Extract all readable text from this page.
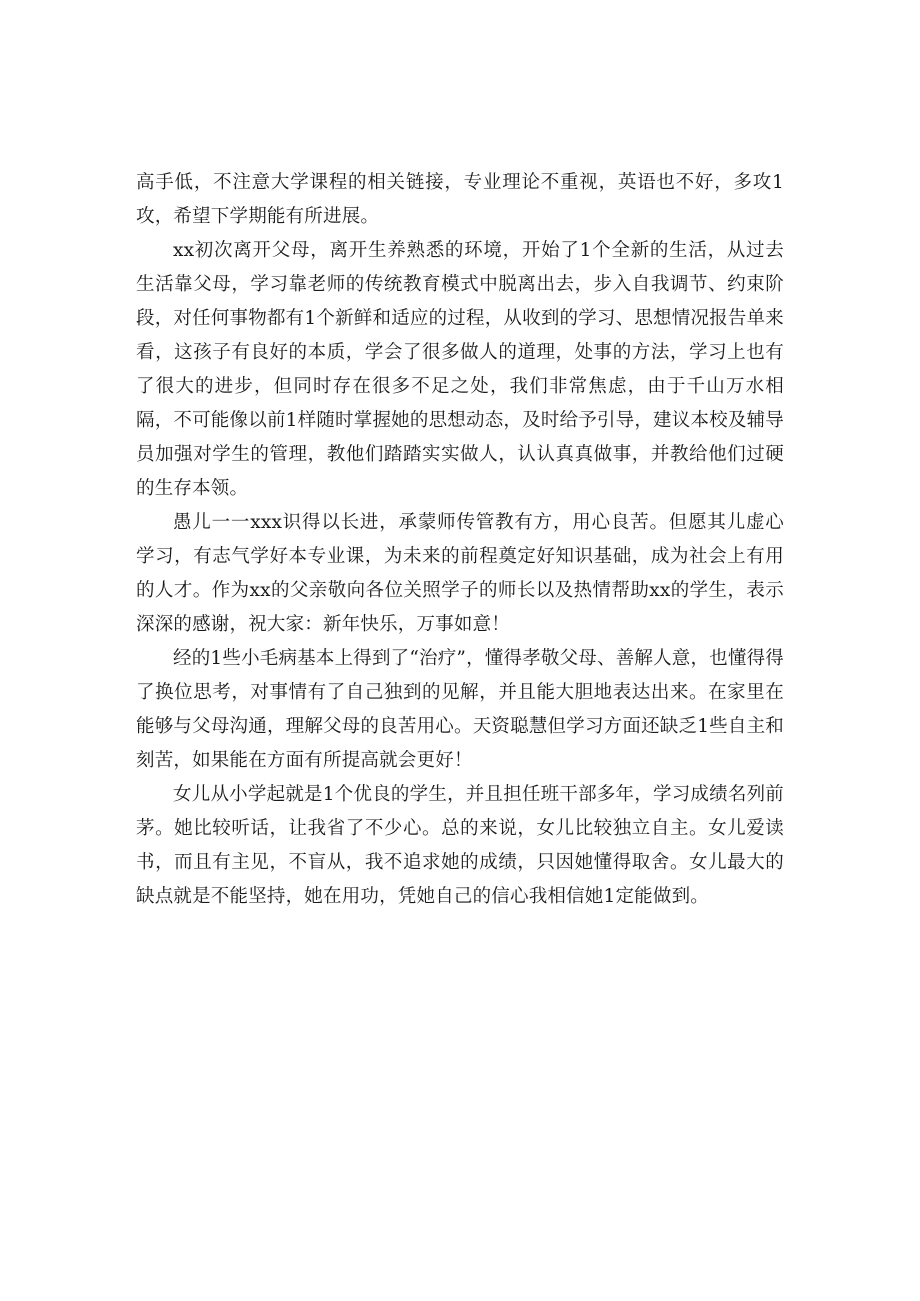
高手低，不注意大学课程的相关链接，专业理论不重视，英语也不好，多攻1攻，希望下学期能有所进展。

xx初次离开父母，离开生养熟悉的环境，开始了1个全新的生活，从过去生活靠父母，学习靠老师的传统教育模式中脱离出去，步入自我调节、约束阶段，对任何事物都有1个新鲜和适应的过程，从收到的学习、思想情况报告单来看，这孩子有良好的本质，学会了很多做人的道理，处事的方法，学习上也有了很大的进步，但同时存在很多不足之处，我们非常焦虑，由于千山万水相隔，不可能像以前1样随时掌握她的思想动态，及时给予引导，建议本校及辅导员加强对学生的管理，教他们踏踏实实做人，认认真真做事，并教给他们过硬的生存本领。

愚儿一一xxx识得以长进，承蒙师传管教有方，用心良苦。但愿其儿虚心学习，有志气学好本专业课，为未来的前程奠定好知识基础，成为社会上有用的人才。作为xx的父亲敬向各位关照学子的师长以及热情帮助xx的学生，表示深深的感谢，祝大家：新年快乐，万事如意！

经的1些小毛病基本上得到了“治疗”，懂得孝敬父母、善解人意，也懂得得了换位思考，对事情有了自己独到的见解，并且能大胆地表达出来。在家里在能够与父母沟通，理解父母的良苦用心。天资聪慧但学习方面还缺乏1些自主和刻苦，如果能在方面有所提高就会更好！

女儿从小学起就是1个优良的学生，并且担任班干部多年，学习成绩名列前茅。她比较听话，让我省了不少心。总的来说，女儿比较独立自主。女儿爱读书，而且有主见，不盲从，我不追求她的成绩，只因她懂得取舍。女儿最大的缺点就是不能坚持，她在用功，凭她自己的信心我相信她1定能做到。
